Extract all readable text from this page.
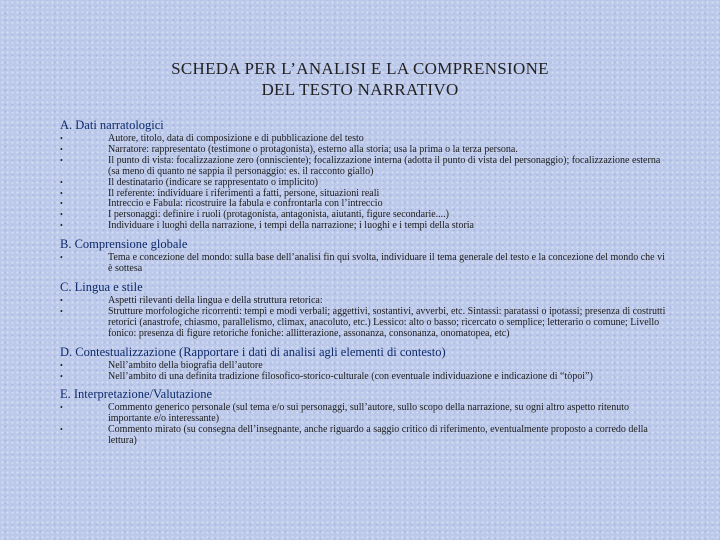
SCHEDA PER L’ANALISI E LA COMPRENSIONE
DEL TESTO NARRATIVO
A. Dati narratologici
•	Autore, titolo, data di composizione e di pubblicazione del testo
•	Narratore: rappresentato (testimone o protagonista), esterno alla storia; usa la prima o la terza persona.
•	Il punto di vista: focalizzazione zero (onnisciente); focalizzazione interna (adotta il punto di vista del personaggio); focalizzazione esterna (sa meno di quanto ne sappia il personaggio: es. il racconto giallo)
•	Il destinatario (indicare se rappresentato o implicito)
•	Il referente: individuare i riferimenti a fatti, persone, situazioni reali
•	Intreccio e Fabula: ricostruire la fabula e confrontarla con l’intreccio
•	I personaggi: definire i ruoli (protagonista, antagonista, aiutanti, figure secondarie....)
•	Individuare i luoghi della narrazione, i tempi della narrazione; i luoghi e i tempi della storia
B. Comprensione globale
•	Tema e concezione del mondo: sulla base dell’analisi fin qui svolta, individuare il tema generale del testo e la concezione del mondo che vi è sottesa
C. Lingua e stile
•	Aspetti rilevanti della lingua e della struttura retorica:
•	Strutture morfologiche ricorrenti: tempi e modi verbali; aggettivi, sostantivi, avverbi, etc. Sintassi: paratassi o ipotassi; presenza di costrutti retorici (anastrofe, chiasmo, parallelismo, climax, anacoluto, etc.) Lessico: alto o basso; ricercato o semplice; letterario o comune; Livello fonico: presenza di figure retoriche foniche: allitterazione, assonanza, consonanza, onomatopea, etc)
D. Contestualizzazione (Rapportare i dati di analisi agli elementi di contesto)
•	Nell’ambito della biografia dell’autore
•	Nell’ambito di una definita tradizione filosofico-storico-culturale (con eventuale individuazione e indicazione di “tòpoi”)
E. Interpretazione/Valutazione
•	Commento generico personale (sul tema e/o sui personaggi, sull’autore, sullo scopo della narrazione, su ogni altro aspetto ritenuto importante e/o interessante)
•	Commento mirato (su consegna dell’insegnante, anche riguardo a saggio critico di riferimento, eventualmente proposto a corredo della lettura)
